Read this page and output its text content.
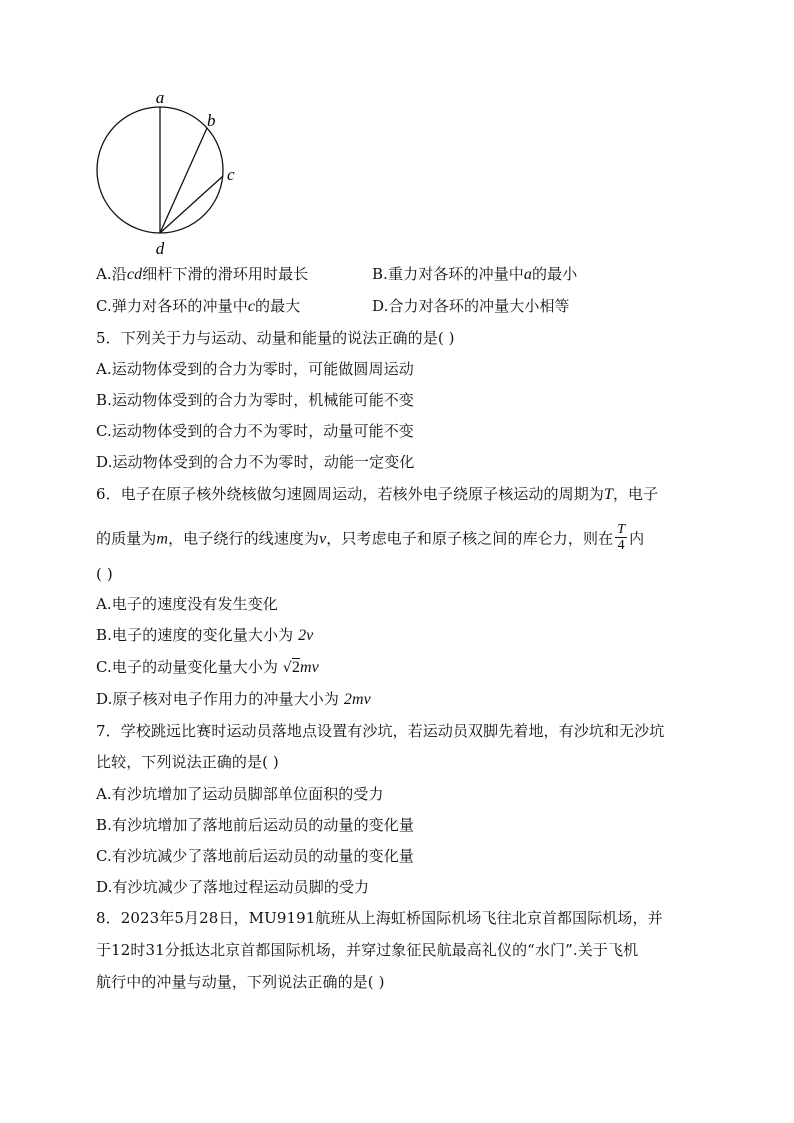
a
b
c
d
A.沿cd细杆下滑的滑环用时最长	B.重力对各环的冲量中a的最小
C.弹力对各环的冲量中c的最大	D.合力对各环的冲量大小相等
5．下列关于力与运动、动量和能量的说法正确的是( )
A.运动物体受到的合力为零时，可能做圆周运动
B.运动物体受到的合力为零时，机械能可能不变
C.运动物体受到的合力不为零时，动量可能不变
D.运动物体受到的合力不为零时，动能一定变化
6．电子在原子核外绕核做匀速圆周运动，若核外电子绕原子核运动的周期为T，电子
的质量为m，电子绕行的线速度为v，只考虑电子和原子核之间的库仑力，则在 $\frac{T}{4}$ 内
( )
A.电子的速度没有发生变化
B.电子的速度的变化量大小为 2v
C.电子的动量变化量大小为 √2mv
D.原子核对电子作用力的冲量大小为 2mv
7．学校跳远比赛时运动员落地点设置有沙坑，若运动员双脚先着地，有沙坑和无沙坑
比较，下列说法正确的是( )
A.有沙坑增加了运动员脚部单位面积的受力
B.有沙坑增加了落地前后运动员的动量的变化量
C.有沙坑减少了落地前后运动员的动量的变化量
D.有沙坑减少了落地过程运动员脚的受力
8．2023年5月28日，MU9191航班从上海虹桥国际机场飞往北京首都国际机场，并
于12时31分抵达北京首都国际机场，并穿过象征民航最高礼仪的“水门”.关于飞机
航行中的冲量与动量，下列说法正确的是( )
